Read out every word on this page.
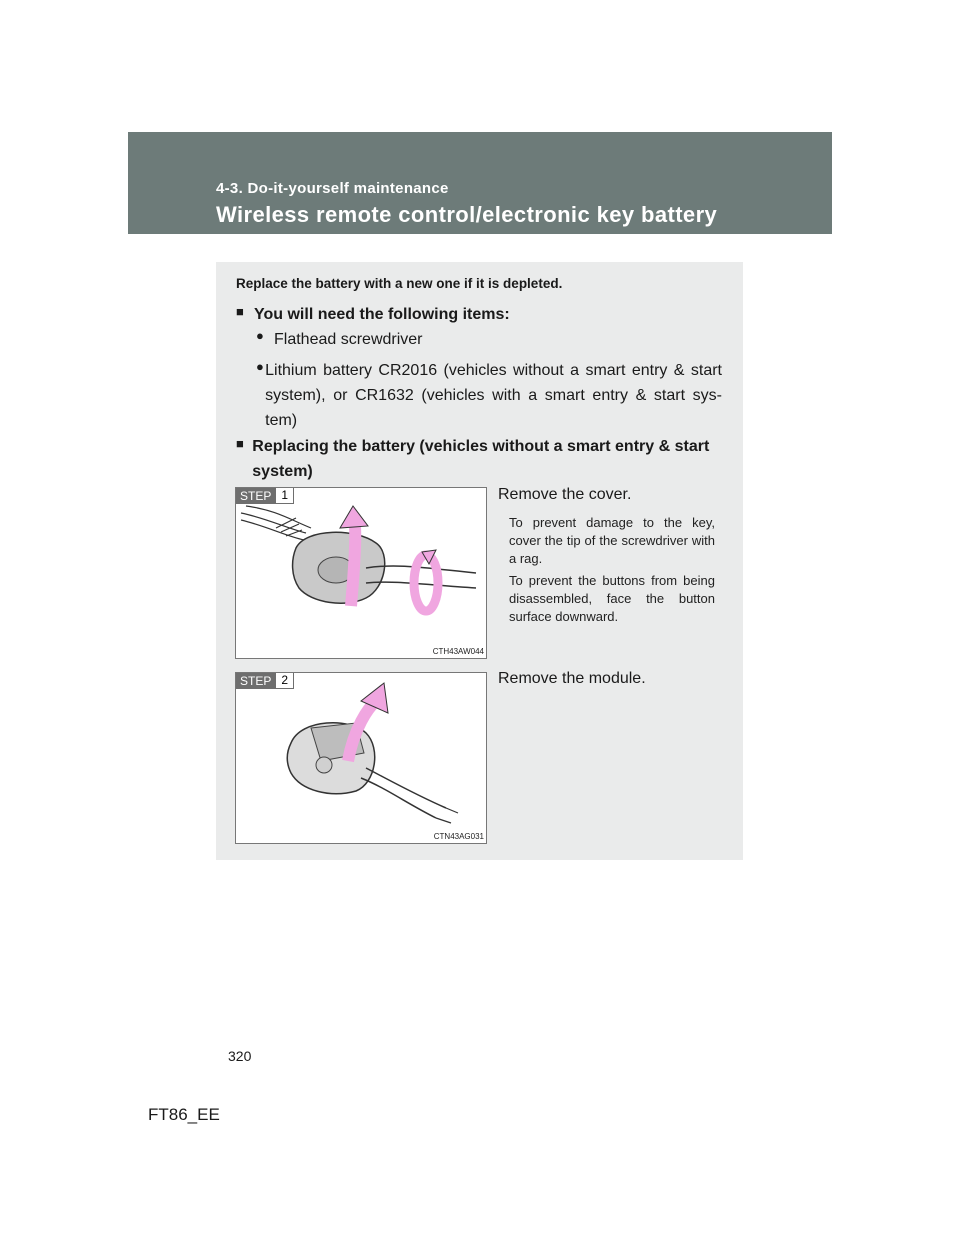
4-3. Do-it-yourself maintenance
Wireless remote control/electronic key battery
Replace the battery with a new one if it is depleted.
■ You will need the following items:
● Flathead screwdriver
● Lithium battery CR2016 (vehicles without a smart entry & start system), or CR1632 (vehicles with a smart entry & start sys-tem)
■ Replacing the battery (vehicles without a smart entry & start system)
STEP 1
CTH43AW044
Remove the cover.
To prevent damage to the key, cover the tip of the screwdriver with a rag.
To prevent the buttons from being disassembled, face the button surface downward.
STEP 2
CTN43AG031
Remove the module.
320
FT86_EE
